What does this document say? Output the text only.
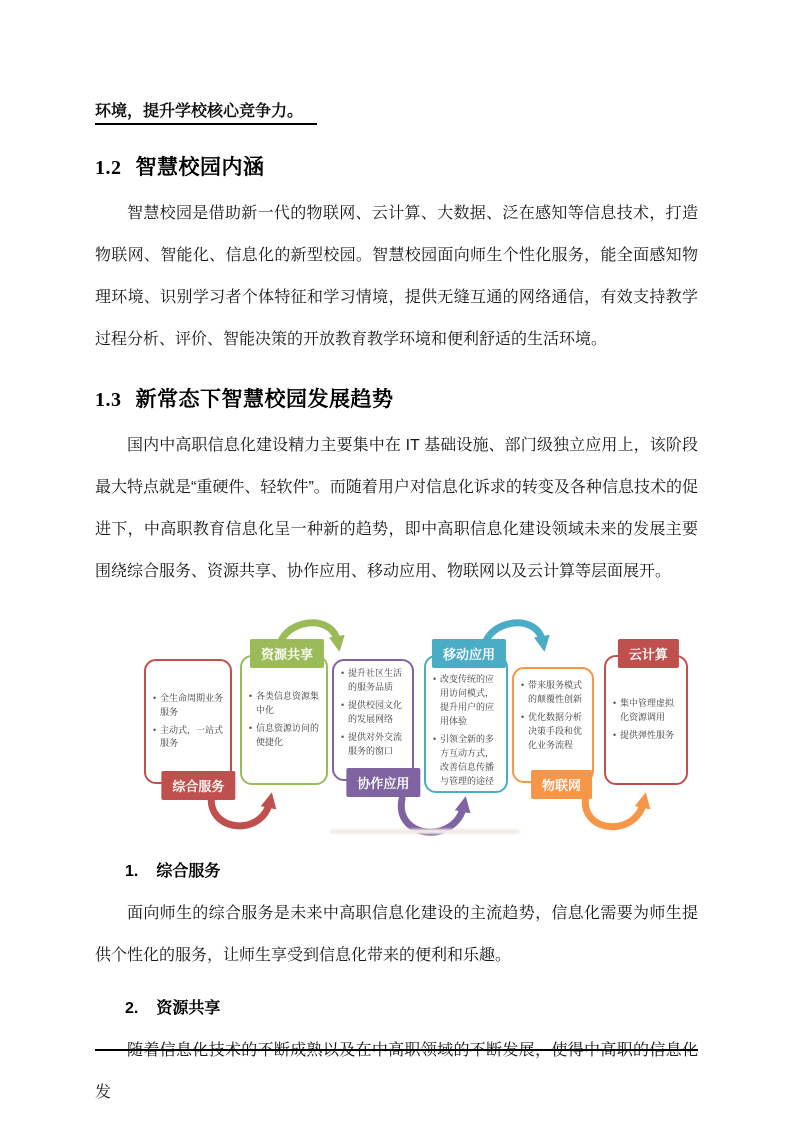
环境，提升学校核心竞争力。
1.2 智慧校园内涵

智慧校园是借助新一代的物联网、云计算、大数据、泛在感知等信息技术，打造物联网、智能化、信息化的新型校园。智慧校园面向师生个性化服务，能全面感知物理环境、识别学习者个体特征和学习情境，提供无缝互通的网络通信，有效支持教学过程分析、评价、智能决策的开放教育教学环境和便利舒适的生活环境。

1.3 新常态下智慧校园发展趋势

国内中高职信息化建设精力主要集中在 IT 基础设施、部门级独立应用上，该阶段最大特点就是“重硬件、轻软件”。而随着用户对信息化诉求的转变及各种信息技术的促进下，中高职教育信息化呈一种新的趋势，即中高职信息化建设领域未来的发展主要围绕综合服务、资源共享、协作应用、移动应用、物联网以及云计算等层面展开。

• 全生命周期业务服务
• 主动式，一站式服务
综合服务
• 各类信息资源集中化
• 信息资源访问的便捷化
资源共享
• 提升社区生活的服务品质
• 提供校园文化的发展网络
• 提供对外交流服务的窗口
协作应用
• 改变传统的应用访问模式，提升用户的应用体验
• 引领全新的多方互动方式，改善信息传播与管理的途径
移动应用
• 带来服务模式的颠覆性创新
• 优化数据分析决策手段和优化业务流程
物联网
• 集中管理虚拟化资源调用
• 提供弹性服务
云计算
1. 综合服务

面向师生的综合服务是未来中高职信息化建设的主流趋势，信息化需要为师生提供个性化的服务，让师生享受到信息化带来的便利和乐趣。

2. 资源共享

随着信息化技术的不断成熟以及在中高职领域的不断发展，使得中高职的信息化发
